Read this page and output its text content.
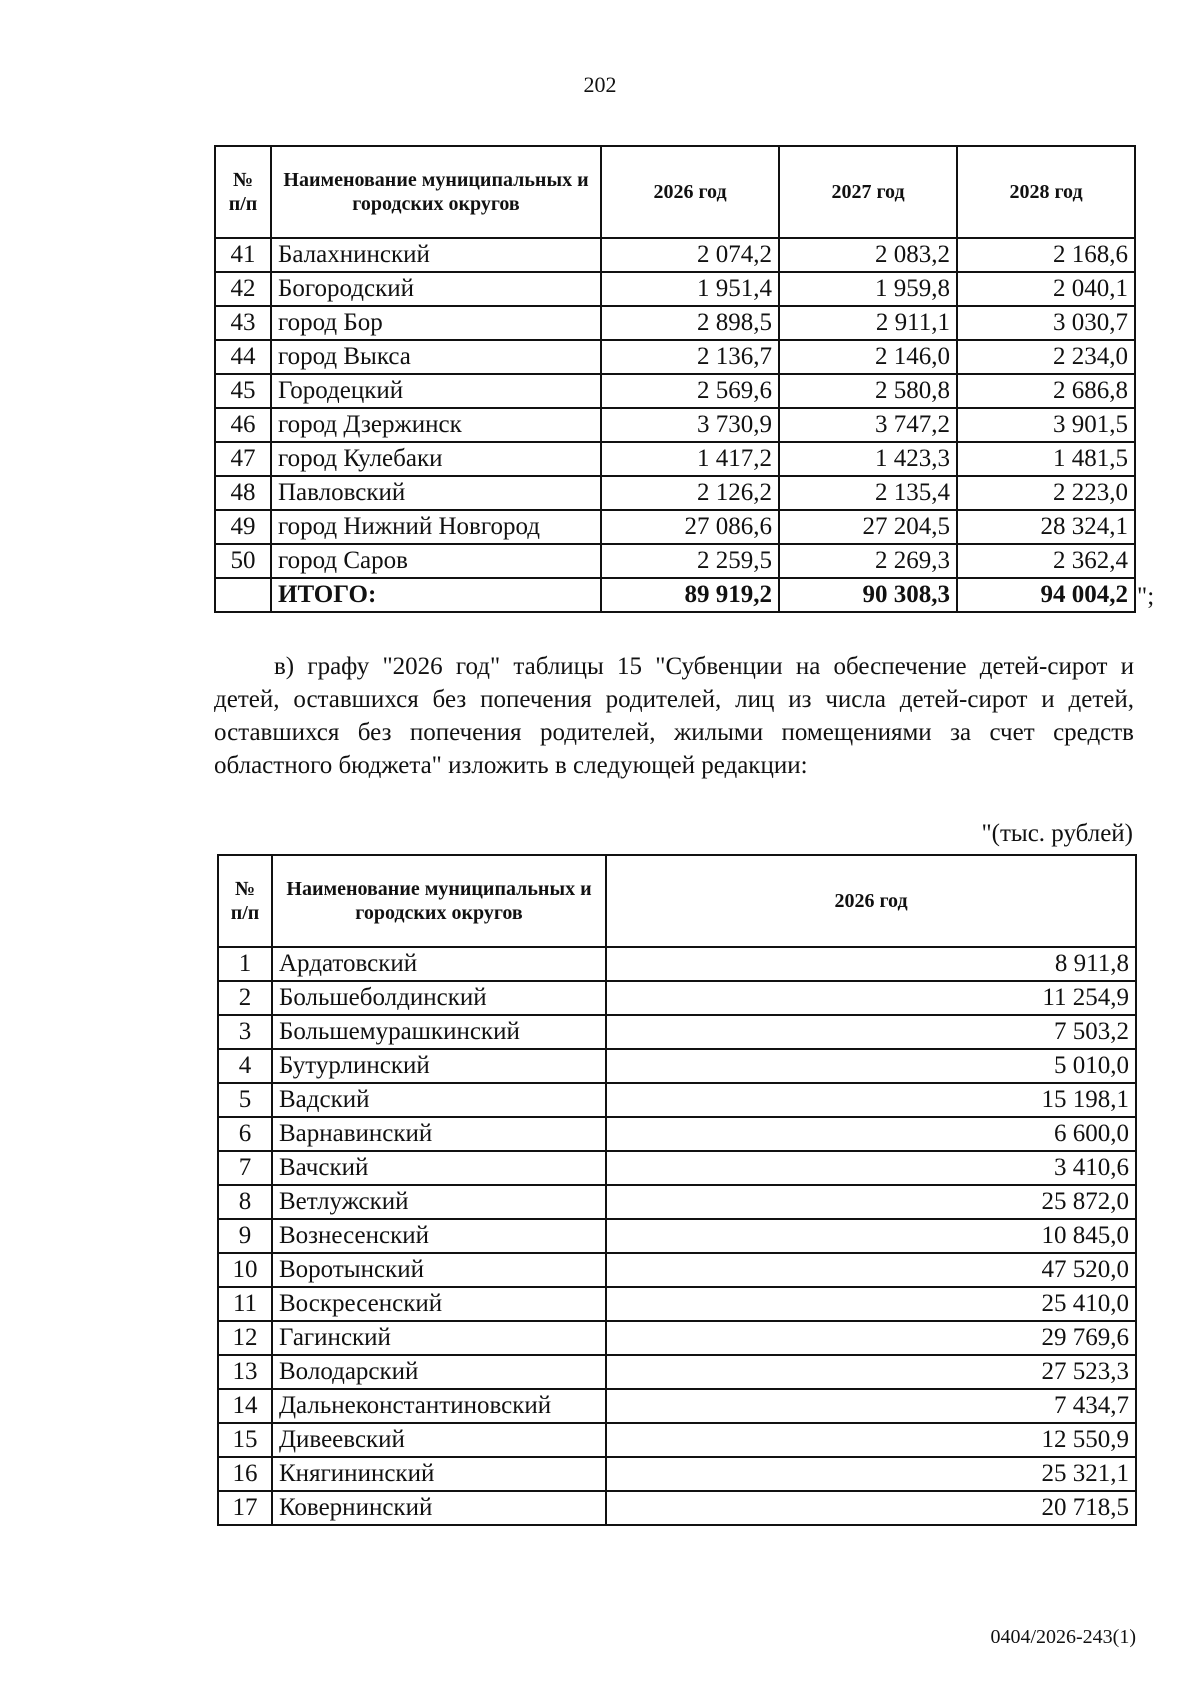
202
№
п/п	Наименование муниципальных и городских округов	2026 год	2027 год	2028 год
41	Балахнинский	2 074,2	2 083,2	2 168,6
42	Богородский	1 951,4	1 959,8	2 040,1
43	город Бор	2 898,5	2 911,1	3 030,7
44	город Выкса	2 136,7	2 146,0	2 234,0
45	Городецкий	2 569,6	2 580,8	2 686,8
46	город Дзержинск	3 730,9	3 747,2	3 901,5
47	город Кулебаки	1 417,2	1 423,3	1 481,5
48	Павловский	2 126,2	2 135,4	2 223,0
49	город Нижний Новгород	27 086,6	27 204,5	28 324,1
50	город Саров	2 259,5	2 269,3	2 362,4
	ИТОГО:	89 919,2	90 308,3	94 004,2 ";
в) графу "2026 год" таблицы 15 "Субвенции на обеспечение детей-сирот и детей, оставшихся без попечения родителей, лиц из числа детей-сирот и детей, оставшихся без попечения родителей, жилыми помещениями за счет средств областного бюджета" изложить в следующей редакции:
"(тыс. рублей)
№
п/п	Наименование муниципальных и городских округов	2026 год
1	Ардатовский	8 911,8
2	Большеболдинский	11 254,9
3	Большемурашкинский	7 503,2
4	Бутурлинский	5 010,0
5	Вадский	15 198,1
6	Варнавинский	6 600,0
7	Вачский	3 410,6
8	Ветлужский	25 872,0
9	Вознесенский	10 845,0
10	Воротынский	47 520,0
11	Воскресенский	25 410,0
12	Гагинский	29 769,6
13	Володарский	27 523,3
14	Дальнеконстантиновский	7 434,7
15	Дивеевский	12 550,9
16	Княгининский	25 321,1
17	Ковернинский	20 718,5
0404/2026-243(1)
